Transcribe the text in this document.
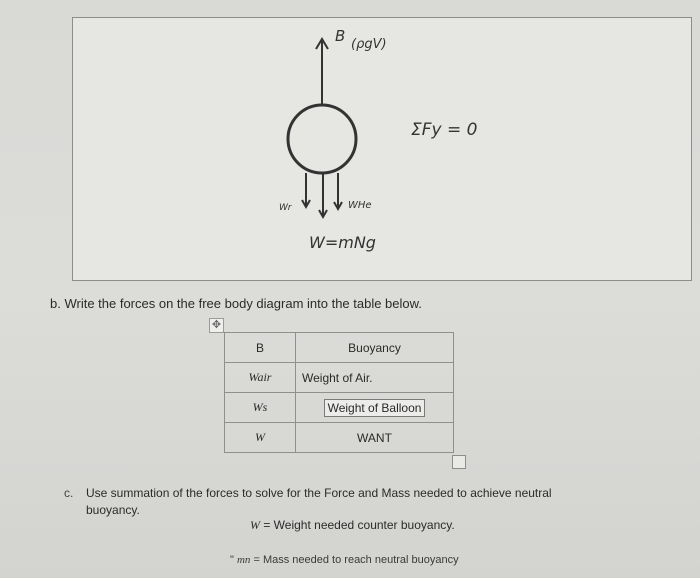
B (ρgV)
Wr	WHe
ΣFy = 0
W=mNg
b. Write the forces on the free body diagram into the table below.
✥
B	Buoyancy
Wair	Weight of Air.
Ws	Weight of Balloon
W	WANT
c. Use summation of the forces to solve for the Force and Mass needed to achieve neutral buoyancy.
W = Weight needed counter buoyancy.
" mn = Mass needed to reach neutral buoyancy
